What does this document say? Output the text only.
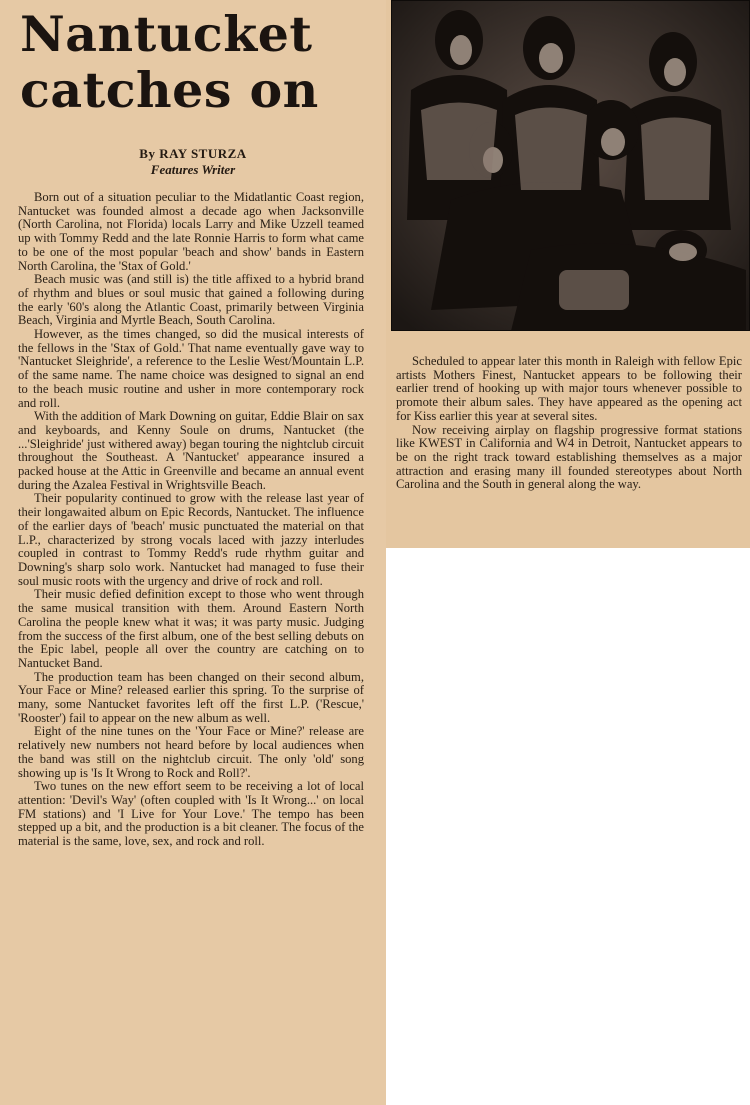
Nantucket
catches on
By RAY STURZA
Features Writer

Born out of a situation peculiar to the Midatlantic Coast region, Nantucket was founded almost a decade ago when Jacksonville (North Carolina, not Florida) locals Larry and Mike Uzzell teamed up with Tommy Redd and the late Ronnie Harris to form what came to be one of the most popular 'beach and show' bands in Eastern North Carolina, the 'Stax of Gold.'

Beach music was (and still is) the title affixed to a hybrid brand of rhythm and blues or soul music that gained a following during the early '60's along the Atlantic Coast, primarily between Virginia Beach, Virginia and Myrtle Beach, South Carolina.

However, as the times changed, so did the musical interests of the fellows in the 'Stax of Gold.' That name eventually gave way to 'Nantucket Sleighride', a reference to the Leslie West/Mountain L.P. of the same name. The name choice was designed to signal an end to the beach music routine and usher in more contemporary rock and roll.

With the addition of Mark Downing on guitar, Eddie Blair on sax and keyboards, and Kenny Soule on drums, Nantucket (the ...'Sleighride' just withered away) began touring the nightclub circuit throughout the Southeast. A 'Nantucket' appearance insured a packed house at the Attic in Greenville and became an annual event during the Azalea Festival in Wrightsville Beach.

Their popularity continued to grow with the release last year of their longawaited album on Epic Records, Nantucket. The influence of the earlier days of 'beach' music punctuated the material on that L.P., characterized by strong vocals laced with jazzy interludes coupled in contrast to Tommy Redd's rude rhythm guitar and Downing's sharp solo work. Nantucket had managed to fuse their soul music roots with the urgency and drive of rock and roll.

Their music defied definition except to those who went through the same musical transition with them. Around Eastern North Carolina the people knew what it was; it was party music. Judging from the success of the first album, one of the best selling debuts on the Epic label, people all over the country are catching on to Nantucket Band.

The production team has been changed on their second album, Your Face or Mine? released earlier this spring. To the surprise of many, some Nantucket favorites left off the first L.P. ('Rescue,' 'Rooster') fail to appear on the new album as well.

Eight of the nine tunes on the 'Your Face or Mine?' release are relatively new numbers not heard before by local audiences when the band was still on the nightclub circuit. The only 'old' song showing up is 'Is It Wrong to Rock and Roll?'.

Two tunes on the new effort seem to be receiving a lot of local attention: 'Devil's Way' (often coupled with 'Is It Wrong...' on local FM stations) and 'I Live for Your Love.' The tempo has been stepped up a bit, and the production is a bit cleaner. The focus of the material is the same, love, sex, and rock and roll.

Scheduled to appear later this month in Raleigh with fellow Epic artists Mothers Finest, Nantucket appears to be following their earlier trend of hooking up with major tours whenever possible to promote their album sales. They have appeared as the opening act for Kiss earlier this year at several sites.

Now receiving airplay on flagship progressive format stations like KWEST in California and W4 in Detroit, Nantucket appears to be on the right track toward establishing themselves as a major attraction and erasing many ill founded stereotypes about North Carolina and the South in general along the way.
